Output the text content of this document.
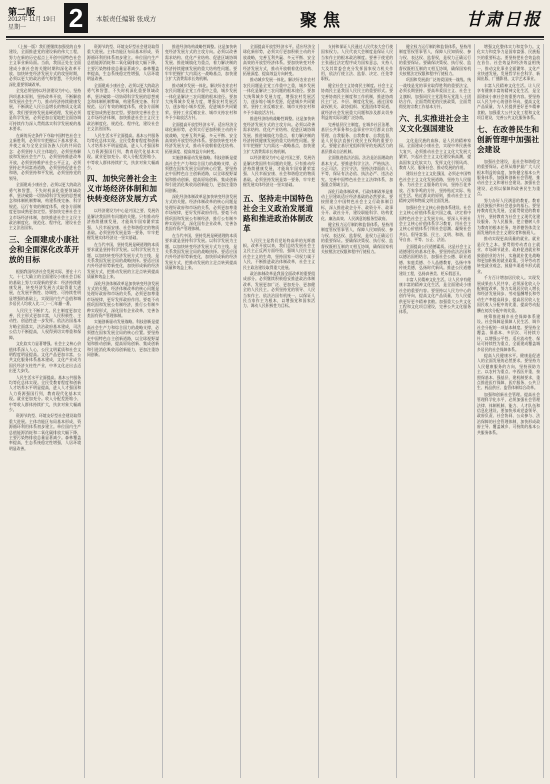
第二版
2012年 11月 19日
星期一	2	本版责任编辑 张成方	聚焦	甘肃日报

（上接一版）我们要继续加强党的自身建设，全面推进党的建设新的伟大工程，努力在新的历史起点上开创中国特色社会主义事业新局面。当前，我国正处在全面建成小康社会的关键时期和深化改革开放、加快转变经济发展方式的攻坚时期，必须以更大的政治勇气和智慧，不失时机深化重要领域改革。

全党必须坚持以经济建设为中心，坚持四项基本原则，坚持改革开放，不断解放和发展社会生产力，推动经济持续健康发展，不断满足人民日益增长的物质文化需要。我们要坚持发展是硬道理，发展必须是科学发展，必须更加自觉地把全面协调可持续作为深入贯彻落实科学发展观的基本要求。

在新的历史条件下夺取中国特色社会主义新胜利，必须牢牢把握以下基本要求，并使之成为全党全国各族人民的共同信念：必须坚持人民主体地位，必须坚持解放和发展社会生产力，必须坚持推进改革开放，必须坚持维护社会公平正义，必须坚持走共同富裕道路，必须坚持促进社会和谐，必须坚持和平发展，必须坚持党的领导。

全面建成小康社会，必须以更大的政治勇气和智慧，不失时机深化重要领域改革，坚决破除一切妨碍科学发展的思想观念和体制机制弊端，构建系统完备、科学规范、运行有效的制度体系，使各方面制度更加成熟更加定型。要加快完善社会主义市场经济体制，加快推进社会主义民主政治制度化、规范化、程序化，建设社会主义法治国家。

三、全面建成小康社会和全面深化改革开放的目标

根据我国经济社会发展实际，要在十六大、十七大确立的全面建设小康社会目标的基础上努力实现新的要求：经济持续健康发展，转变经济发展方式取得重大进展，在发展平衡性、协调性、可持续性明显增强的基础上，实现国内生产总值和城乡居民人均收入比二〇一〇年翻一番。

人民民主不断扩大。民主制度更加完善，民主形式更加丰富，人民积极性、主动性、创造性进一步发挥。依法治国基本方略全面落实，法治政府基本建成，司法公信力不断提高，人权得到切实尊重和保障。

文化软实力显著增强。社会主义核心价值体系深入人心，公民文明素质和社会文明程度明显提高。文化产品更加丰富，公共文化服务体系基本建成，文化产业成为国民经济支柱性产业，中华文化走出去迈出更大步伐。

人民生活水平全面提高。基本公共服务均等化总体实现。全民受教育程度和创新人才培养水平明显提高，进入人才强国和人力资源强国行列，教育现代化基本实现。就业更加充分。收入分配差距缩小，中等收入群体持续扩大，扶贫对象大幅减少。

资源节约型、环境友好型社会建设取得重大进展。主体功能区布局基本形成，资源循环利用体系初步建立。单位国内生产总值能源消耗和二氧化碳排放大幅下降，主要污染物排放总量显著减少。森林覆盖率提高，生态系统稳定性增强，人居环境明显改善。

资源节约型、环境友好型社会建设取得重大进展。主体功能区布局基本形成，资源循环利用体系初步建立。单位国内生产总值能源消耗和二氧化碳排放大幅下降，主要污染物排放总量显著减少。森林覆盖率提高，生态系统稳定性增强，人居环境明显改善。

全面建成小康社会，必须以更大的政治勇气和智慧，不失时机深化重要领域改革，坚决破除一切妨碍科学发展的思想观念和体制机制弊端，构建系统完备、科学规范、运行有效的制度体系，使各方面制度更加成熟更加定型。要加快完善社会主义市场经济体制，加快推进社会主义民主政治制度化、规范化、程序化，建设社会主义法治国家。

人民生活水平全面提高。基本公共服务均等化总体实现。全民受教育程度和创新人才培养水平明显提高，进入人才强国和人力资源强国行列，教育现代化基本实现。就业更加充分。收入分配差距缩小，中等收入群体持续扩大，扶贫对象大幅减少。

四、加快完善社会主义市场经济体制和加快转变经济发展方式

以经济建设为中心是兴国之要，发展仍是解决我国所有问题的关键。只有推动经济持续健康发展，才能筑牢国家繁荣富强、人民幸福安康、社会和谐稳定的物质基础。必须坚持发展是第一要务，牢牢把握发展实体经济这一坚实基础。

在当代中国，坚持发展是硬道理的本质要求就是坚持科学发展。以科学发展为主题、以加快转变经济发展方式为主线，是关系我国发展全局的战略抉择。要适应国内外经济形势新变化，加快形成新的经济发展方式，把推动发展的立足点转到提高质量和效益上来。

深化经济体制改革是加快转变经济发展方式的关键。经济体制改革的核心问题是处理好政府和市场的关系，必须更加尊重市场规律，更好发挥政府作用。要毫不动摇巩固和发展公有制经济，推行公有制多种实现形式，深化国有企业改革，完善各类国有资产管理体制。

实施创新驱动发展战略。科技创新是提高社会生产力和综合国力的战略支撑，必须摆在国家发展全局的核心位置。要坚持走中国特色自主创新道路，以全球视野谋划和推动创新，提高原始创新、集成创新和引进消化吸收再创新能力，更加注重协同创新。

推进经济结构战略性调整。这是加快转变经济发展方式的主攻方向。必须以改善需求结构、优化产业结构、促进区域协调发展、推进城镇化为重点，着力解决制约经济持续健康发展的重大结构性问题。要牢牢把握扩大内需这一战略基点，加快建立扩大消费需求长效机制。

推动城乡发展一体化。解决好农业农村农民问题是全党工作重中之重，城乡发展一体化是解决三农问题的根本途径。要加大统筹城乡发展力度，增强农村发展活力，逐步缩小城乡差距，促进城乡共同繁荣。坚持工业反哺农业、城市支持农村和多予少取放活方针。

全面提高开放型经济水平。适应经济全球化新形势，必须实行更加积极主动的开放战略，完善互利共赢、多元平衡、安全高效的开放型经济体系。要加快转变对外经济发展方式，推动开放朝着优化结构、拓展深度、提高效益方向转变。

实施创新驱动发展战略。科技创新是提高社会生产力和综合国力的战略支撑，必须摆在国家发展全局的核心位置。要坚持走中国特色自主创新道路，以全球视野谋划和推动创新，提高原始创新、集成创新和引进消化吸收再创新能力，更加注重协同创新。

深化经济体制改革是加快转变经济发展方式的关键。经济体制改革的核心问题是处理好政府和市场的关系，必须更加尊重市场规律，更好发挥政府作用。要毫不动摇巩固和发展公有制经济，推行公有制多种实现形式，深化国有企业改革，完善各类国有资产管理体制。

在当代中国，坚持发展是硬道理的本质要求就是坚持科学发展。以科学发展为主题、以加快转变经济发展方式为主线，是关系我国发展全局的战略抉择。要适应国内外经济形势新变化，加快形成新的经济发展方式，把推动发展的立足点转到提高质量和效益上来。

全面提高开放型经济水平。适应经济全球化新形势，必须实行更加积极主动的开放战略，完善互利共赢、多元平衡、安全高效的开放型经济体系。要加快转变对外经济发展方式，推动开放朝着优化结构、拓展深度、提高效益方向转变。

推动城乡发展一体化。解决好农业农村农民问题是全党工作重中之重，城乡发展一体化是解决三农问题的根本途径。要加大统筹城乡发展力度，增强农村发展活力，逐步缩小城乡差距，促进城乡共同繁荣。坚持工业反哺农业、城市支持农村和多予少取放活方针。

推进经济结构战略性调整。这是加快转变经济发展方式的主攻方向。必须以改善需求结构、优化产业结构、促进区域协调发展、推进城镇化为重点，着力解决制约经济持续健康发展的重大结构性问题。要牢牢把握扩大内需这一战略基点，加快建立扩大消费需求长效机制。

以经济建设为中心是兴国之要，发展仍是解决我国所有问题的关键。只有推动经济持续健康发展，才能筑牢国家繁荣富强、人民幸福安康、社会和谐稳定的物质基础。必须坚持发展是第一要务，牢牢把握发展实体经济这一坚实基础。

五、坚持走中国特色社会主义政治发展道路和推进政治体制改革

人民民主是我们党始终高举的光辉旗帜。改革开放以来，我们总结发展社会主义民主正反两方面经验，强调人民民主是社会主义的生命，坚持国家一切权力属于人民，不断推进政治体制改革，社会主义民主政治建设取得重大进展。

政治体制改革是我国全面改革的重要组成部分。必须继续积极稳妥推进政治体制改革，发展更加广泛、更加充分、更加健全的人民民主。必须坚持党的领导、人民当家作主、依法治国有机统一，以保证人民当家作主为根本，以增强党和国家活力、调动人民积极性为目标。

支持和保证人民通过人民代表大会行使国家权力。人民代表大会制度是保证人民当家作主的根本政治制度。要善于使党的主张通过法定程序成为国家意志，支持人大及其常委会充分发挥国家权力机关作用，依法行使立法、监督、决定、任免等职权。

健全社会主义协商民主制度。社会主义协商民主是我国人民民主的重要形式。要完善协商民主制度和工作机制，推进协商民主广泛、多层、制度化发展。通过国家政权机关、政协组织、党派团体等渠道，就经济社会发展重大问题和涉及群众切身利益的实际问题广泛协商。

完善基层民主制度。在城乡社区治理、基层公共事务和公益事业中实行群众自我管理、自我服务、自我教育、自我监督，是人民依法直接行使民主权利的重要方式。要健全基层党组织领导的充满活力的基层群众自治机制。

全面推进依法治国。法治是治国理政的基本方式。要推进科学立法、严格执法、公正司法、全民守法，坚持法律面前人人平等，保证有法必依、执法必严、违法必究。完善中国特色社会主义法律体系，加强重点领域立法。

深化行政体制改革。行政体制改革是推动上层建筑适应经济基础的必然要求。要按照建立中国特色社会主义行政体制目标，深入推进政企分开、政资分开、政事分开、政社分开，建设职能科学、结构优化、廉洁高效、人民满意的服务型政府。

健全权力运行制约和监督体系。坚持用制度管权管事管人，保障人民知情权、参与权、表达权、监督权，是权力正确运行的重要保证。要确保决策权、执行权、监督权既相互制约又相互协调，确保国家机关按照法定权限和程序行使权力。

健全权力运行制约和监督体系。坚持用制度管权管事管人，保障人民知情权、参与权、表达权、监督权，是权力正确运行的重要保证。要确保决策权、执行权、监督权既相互制约又相互协调，确保国家机关按照法定权限和程序行使权力。

巩固和发展最广泛的爱国统一战线。统一战线是党的事业取得胜利的重要法宝，必须长期坚持。要高举爱国主义、社会主义旗帜，加强同民主党派和无党派人士团结合作，全面贯彻党的民族政策，全面贯彻党的宗教工作基本方针。

六、扎实推进社会主义文化强国建设

文化是民族的血脉，是人民的精神家园。全面建成小康社会，实现中华民族伟大复兴，必须推动社会主义文化大发展大繁荣，兴起社会主义文化建设新高潮，提高国家文化软实力，发挥文化引领风尚、教育人民、服务社会、推动发展的作用。

建设社会主义文化强国，必须走中国特色社会主义文化发展道路，坚持为人民服务、为社会主义服务的方向，坚持百花齐放、百家争鸣的方针，坚持贴近实际、贴近生活、贴近群众的原则，推动社会主义精神文明和物质文明全面发展。

加强社会主义核心价值体系建设。社会主义核心价值体系是兴国之魂，决定着中国特色社会主义发展方向。要深入开展社会主义核心价值体系学习教育，用社会主义核心价值体系引领社会思潮、凝聚社会共识。倡导富强、民主、文明、和谐，倡导自由、平等、公正、法治。

全面提高公民道德素质。这是社会主义道德建设的基本任务。要坚持依法治国和以德治国相结合，加强社会公德、职业道德、家庭美德、个人品德教育，弘扬中华传统美德，弘扬时代新风。推进公民道德建设工程，弘扬真善美、贬斥假恶丑。

丰富人民精神文化生活。让人民享有健康丰富的精神文化生活，是全面建成小康社会的重要内容。要坚持以人民为中心的创作导向，提高文化产品质量，为人民提供更好更多精神食粮。加强重大公共文化工程和文化项目建设，完善公共文化服务体系。

增强文化整体实力和竞争力。文化实力和竞争力是国家富强、民族振兴的重要标志。要坚持把社会效益放在首位、社会效益和经济效益相统一，推动文化事业全面繁荣、文化产业快速发展。发展哲学社会科学、新闻出版、广播影视、文学艺术事业。

丰富人民精神文化生活。让人民享有健康丰富的精神文化生活，是全面建成小康社会的重要内容。要坚持以人民为中心的创作导向，提高文化产品质量，为人民提供更好更多精神食粮。加强重大公共文化工程和文化项目建设，完善公共文化服务体系。

七、在改善民生和创新管理中加强社会建设

加强社会建设，是社会和谐稳定的重要保证。必须从维护最广大人民根本利益的高度，加快健全基本公共服务体系，加强和创新社会管理，推动社会主义和谐社会建设。加强社会建设，必须以保障和改善民生为重点。

努力办好人民满意的教育。教育是民族振兴和社会进步的基石。要坚持教育优先发展，全面贯彻党的教育方针，坚持教育为社会主义现代化建设服务、为人民服务，把立德树人作为教育的根本任务，培养德智体美全面发展的社会主义建设者和接班人。

推动实现更高质量的就业。就业是民生之本。要贯彻劳动者自主就业、市场调节就业、政府促进就业和鼓励创业的方针，实施就业优先战略和更加积极的就业政策。引导劳动者转变就业观念，鼓励多渠道多形式就业。

千方百计增加居民收入。实现发展成果由人民共享，必须深化收入分配制度改革，努力实现居民收入增长和经济发展同步、劳动报酬增长和劳动生产率提高同步，提高居民收入在国民收入分配中的比重，提高劳动报酬在初次分配中的比重。

统筹推进城乡社会保障体系建设。社会保障是保障人民生活、调节社会分配的一项基本制度。要坚持全覆盖、保基本、多层次、可持续方针，以增强公平性、适应流动性、保证可持续性为重点，全面建成覆盖城乡居民的社会保障体系。

提高人民健康水平。健康是促进人的全面发展的必然要求。要坚持为人民健康服务的方向，坚持预防为主、以农村为重点、中西医并重，按照保基本、强基层、建机制要求，重点推进医疗保障、医疗服务、公共卫生、药品供应、监管体制综合改革。

加强和创新社会管理。提高社会管理科学化水平，必须加强社会管理法律、体制机制、能力、人才队伍和信息化建设。要加快形成党委领导、政府负责、社会协同、公众参与、法治保障的社会管理体制，加快形成政府主导、覆盖城乡、可持续的基本公共服务体系。
